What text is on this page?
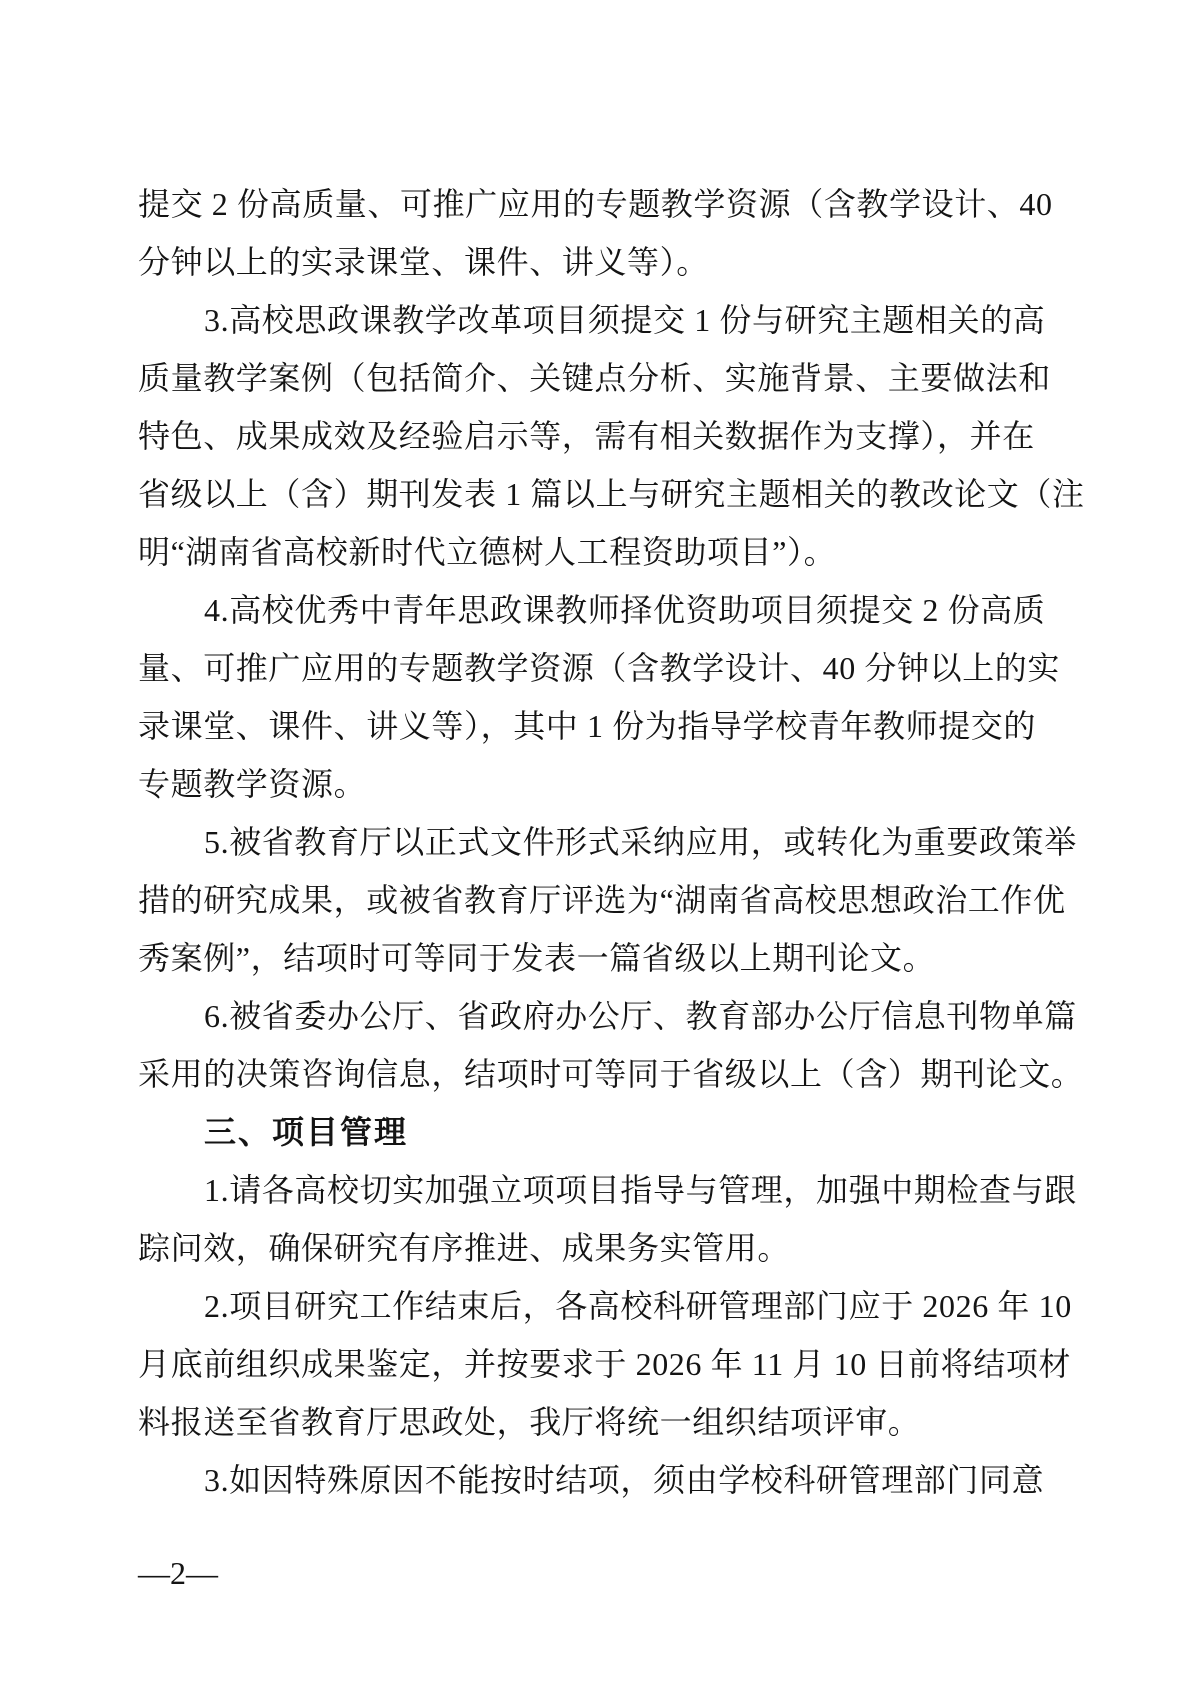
提交 2 份高质量、可推广应用的专题教学资源（含教学设计、40
分钟以上的实录课堂、课件、讲义等）。
3.高校思政课教学改革项目须提交 1 份与研究主题相关的高
质量教学案例（包括简介、关键点分析、实施背景、主要做法和
特色、成果成效及经验启示等，需有相关数据作为支撑），并在
省级以上（含）期刊发表 1 篇以上与研究主题相关的教改论文（注
明“湖南省高校新时代立德树人工程资助项目”）。
4.高校优秀中青年思政课教师择优资助项目须提交 2 份高质
量、可推广应用的专题教学资源（含教学设计、40 分钟以上的实
录课堂、课件、讲义等），其中 1 份为指导学校青年教师提交的
专题教学资源。
5.被省教育厅以正式文件形式采纳应用，或转化为重要政策举
措的研究成果，或被省教育厅评选为“湖南省高校思想政治工作优
秀案例”，结项时可等同于发表一篇省级以上期刊论文。
6.被省委办公厅、省政府办公厅、教育部办公厅信息刊物单篇
采用的决策咨询信息，结项时可等同于省级以上（含）期刊论文。
三、项目管理
1.请各高校切实加强立项项目指导与管理，加强中期检查与跟
踪问效，确保研究有序推进、成果务实管用。
2.项目研究工作结束后，各高校科研管理部门应于 2026 年 10
月底前组织成果鉴定，并按要求于 2026 年 11 月 10 日前将结项材
料报送至省教育厅思政处，我厅将统一组织结项评审。
3.如因特殊原因不能按时结项，须由学校科研管理部门同意
—2—
